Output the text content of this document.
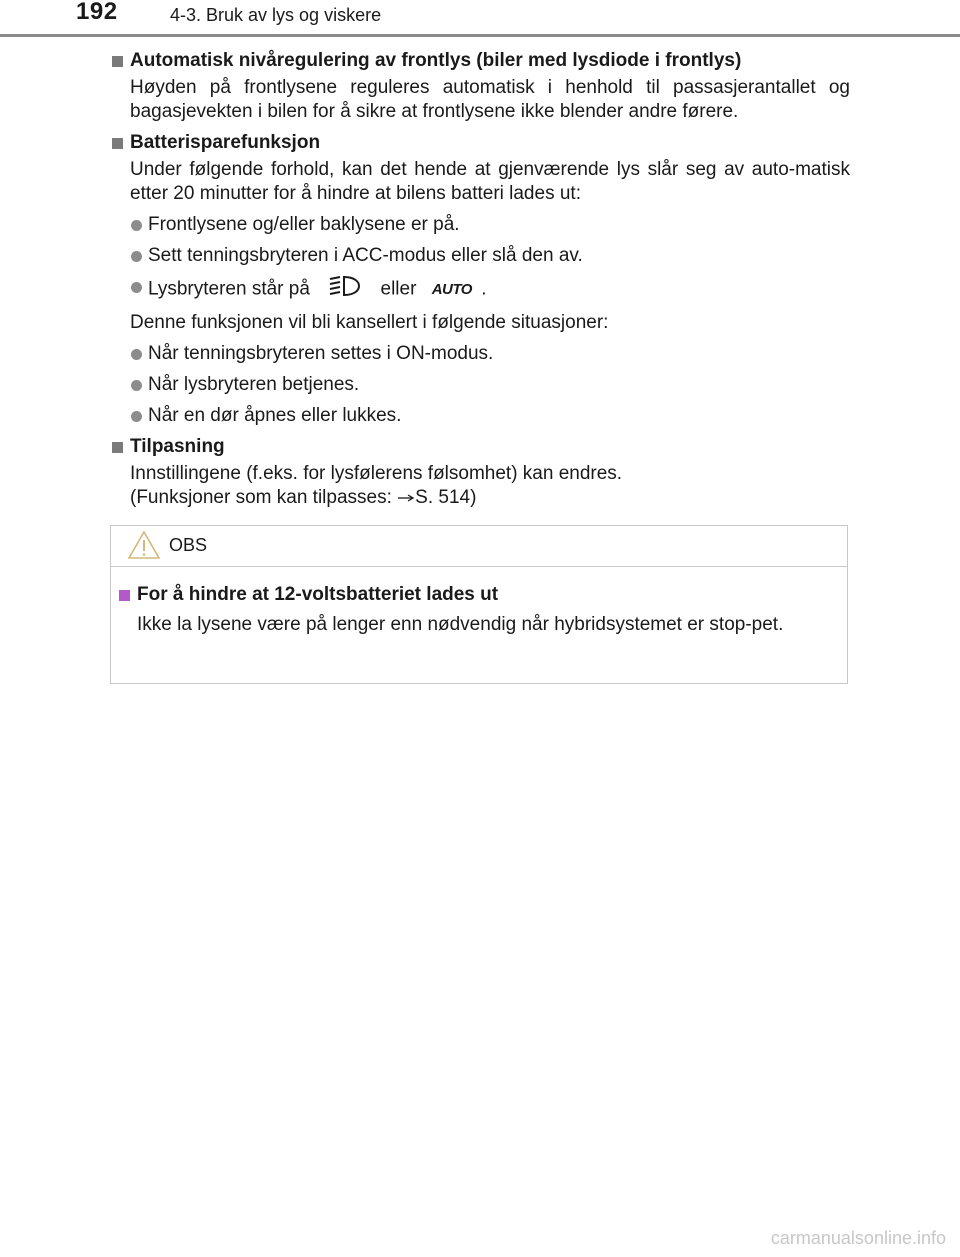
192	4-3. Bruk av lys og viskere
Automatisk nivåregulering av frontlys (biler med lysdiode i frontlys)
Høyden på frontlysene reguleres automatisk i henhold til passasjerantallet og bagasjevekten i bilen for å sikre at frontlysene ikke blender andre førere.
Batterisparefunksjon
Under følgende forhold, kan det hende at gjenværende lys slår seg av auto-matisk etter 20 minutter for å hindre at bilens batteri lades ut:
Frontlysene og/eller baklysene er på.
Sett tenningsbryteren i ACC-modus eller slå den av.
Lysbryteren står på	eller AUTO .
Denne funksjonen vil bli kansellert i følgende situasjoner:
Når tenningsbryteren settes i ON-modus.
Når lysbryteren betjenes.
Når en dør åpnes eller lukkes.
Tilpasning
Innstillingene (f.eks. for lysfølerens følsomhet) kan endres.
(Funksjoner som kan tilpasses: S. 514)
OBS
For å hindre at 12-voltsbatteriet lades ut
Ikke la lysene være på lenger enn nødvendig når hybridsystemet er stop-pet.
carmanualsonline.info
